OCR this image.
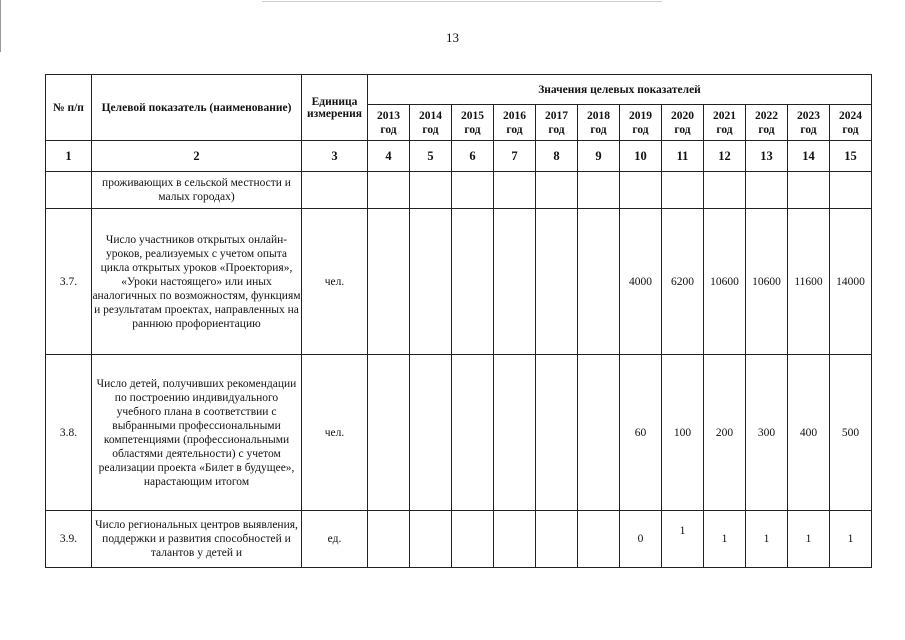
13
№ п/п	Целевой показатель (наименование)	Единица измерения	Значения целевых показателей											
			2013 год	2014 год	2015 год	2016 год	2017 год	2018 год	2019 год	2020 год	2021 год	2022 год	2023 год	2024 год
1	2	3	4	5	6	7	8	9	10	11	12	13	14	15
	проживающих в сельской местности и малых городах)													
3.7.	Число участников открытых онлайн-уроков, реализуемых с учетом опыта цикла открытых уроков «Проектория», «Уроки настоящего» или иных аналогичных по возможностям, функциям и результатам проектах, направленных на раннюю профориентацию	чел.							4000	6200	10600	10600	11600	14000
3.8.	Число детей, получивших рекомендации по построению индивидуального учебного плана в соответствии с выбранными профессиональными компетенциями (профессиональными областями деятельности) с учетом реализации проекта «Билет в будущее», нарастающим итогом	чел.							60	100	200	300	400	500
3.9.	Число региональных центров выявления, поддержки и развития способностей и талантов у детей и	ед.							0	1	1	1	1	1
